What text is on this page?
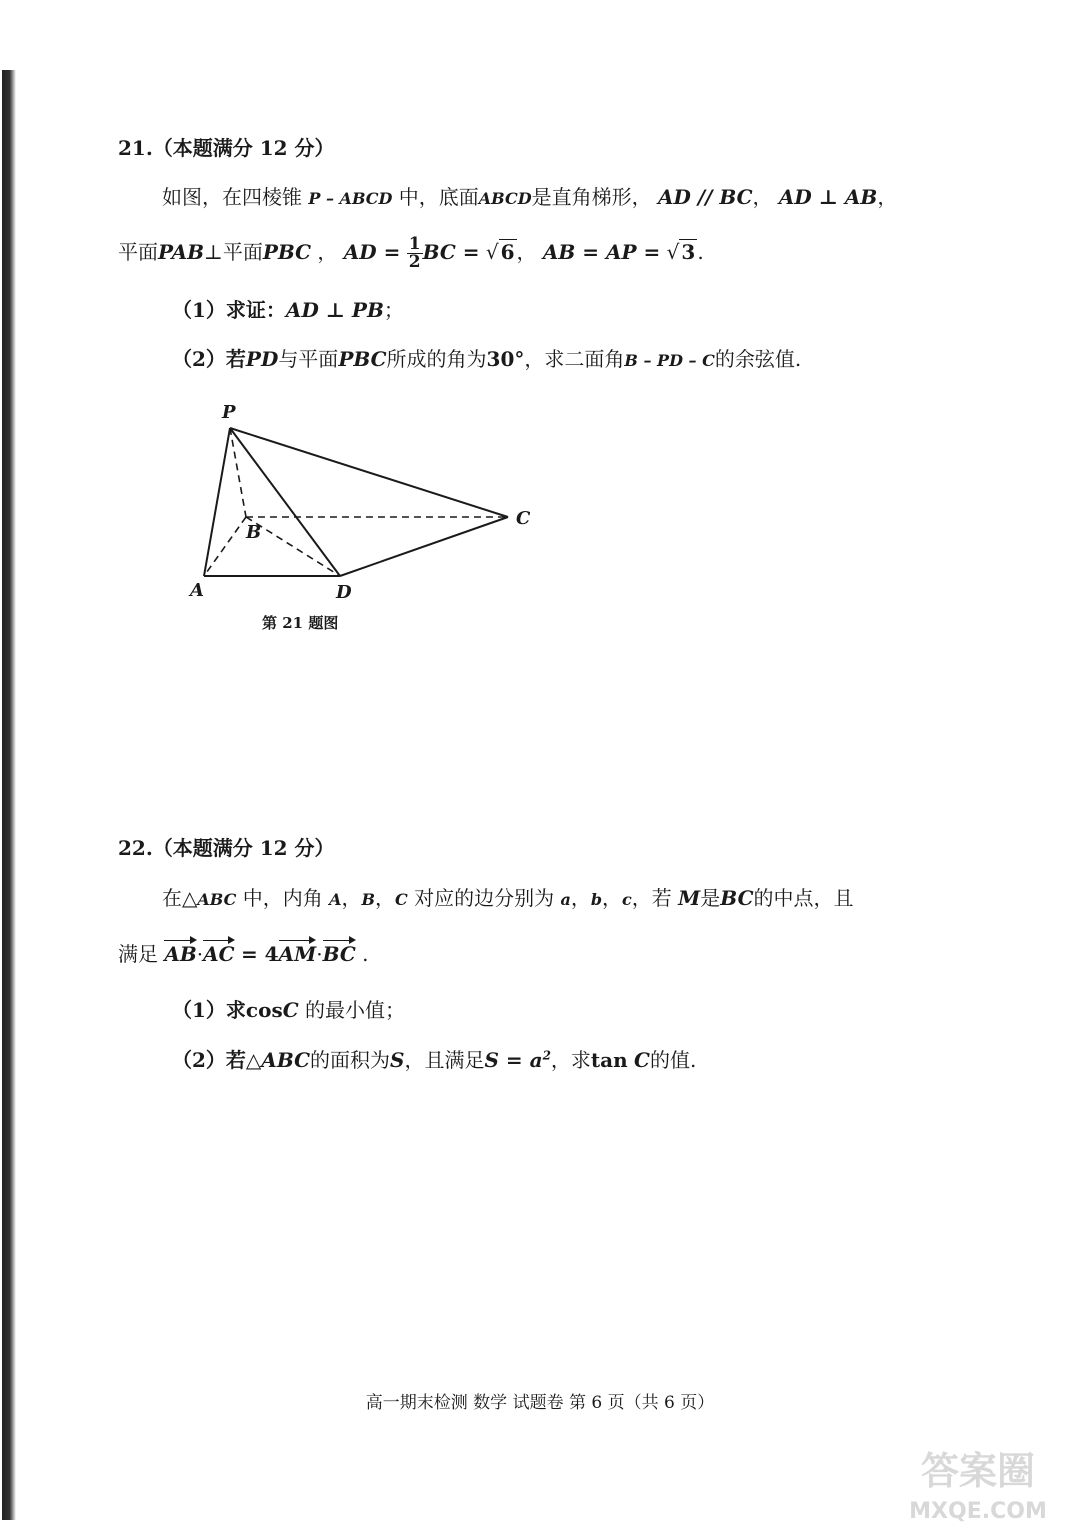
21.（本题满分 12 分）
如图，在四棱锥 P – ABCD 中，底面ABCD是直角梯形， AD // BC， AD ⊥ AB，
平面PAB⊥平面PBC ， AD = $\frac{1}{2}$ BC = √ 6 ， AB = AP = √ 3 .
（1）求证：AD ⊥ PB；
（2）若PD与平面PBC所成的角为30°，求二面角B – PD – C的余弦值.
P
B
C
A	D
第 21 题图
22.（本题满分 12 分）
在△ABC 中，内角 A，B，C 对应的边分别为 a，b，c，若 M是BC的中点，且
满足 AB·AC = 4AM·BC .
（1）求cosC 的最小值；
（2）若△ABC的面积为S，且满足$S = a^2$，求tan C的值.
高一期末检测 数学 试题卷 第 6 页（共 6 页）
答案圈
MXQE.COM
